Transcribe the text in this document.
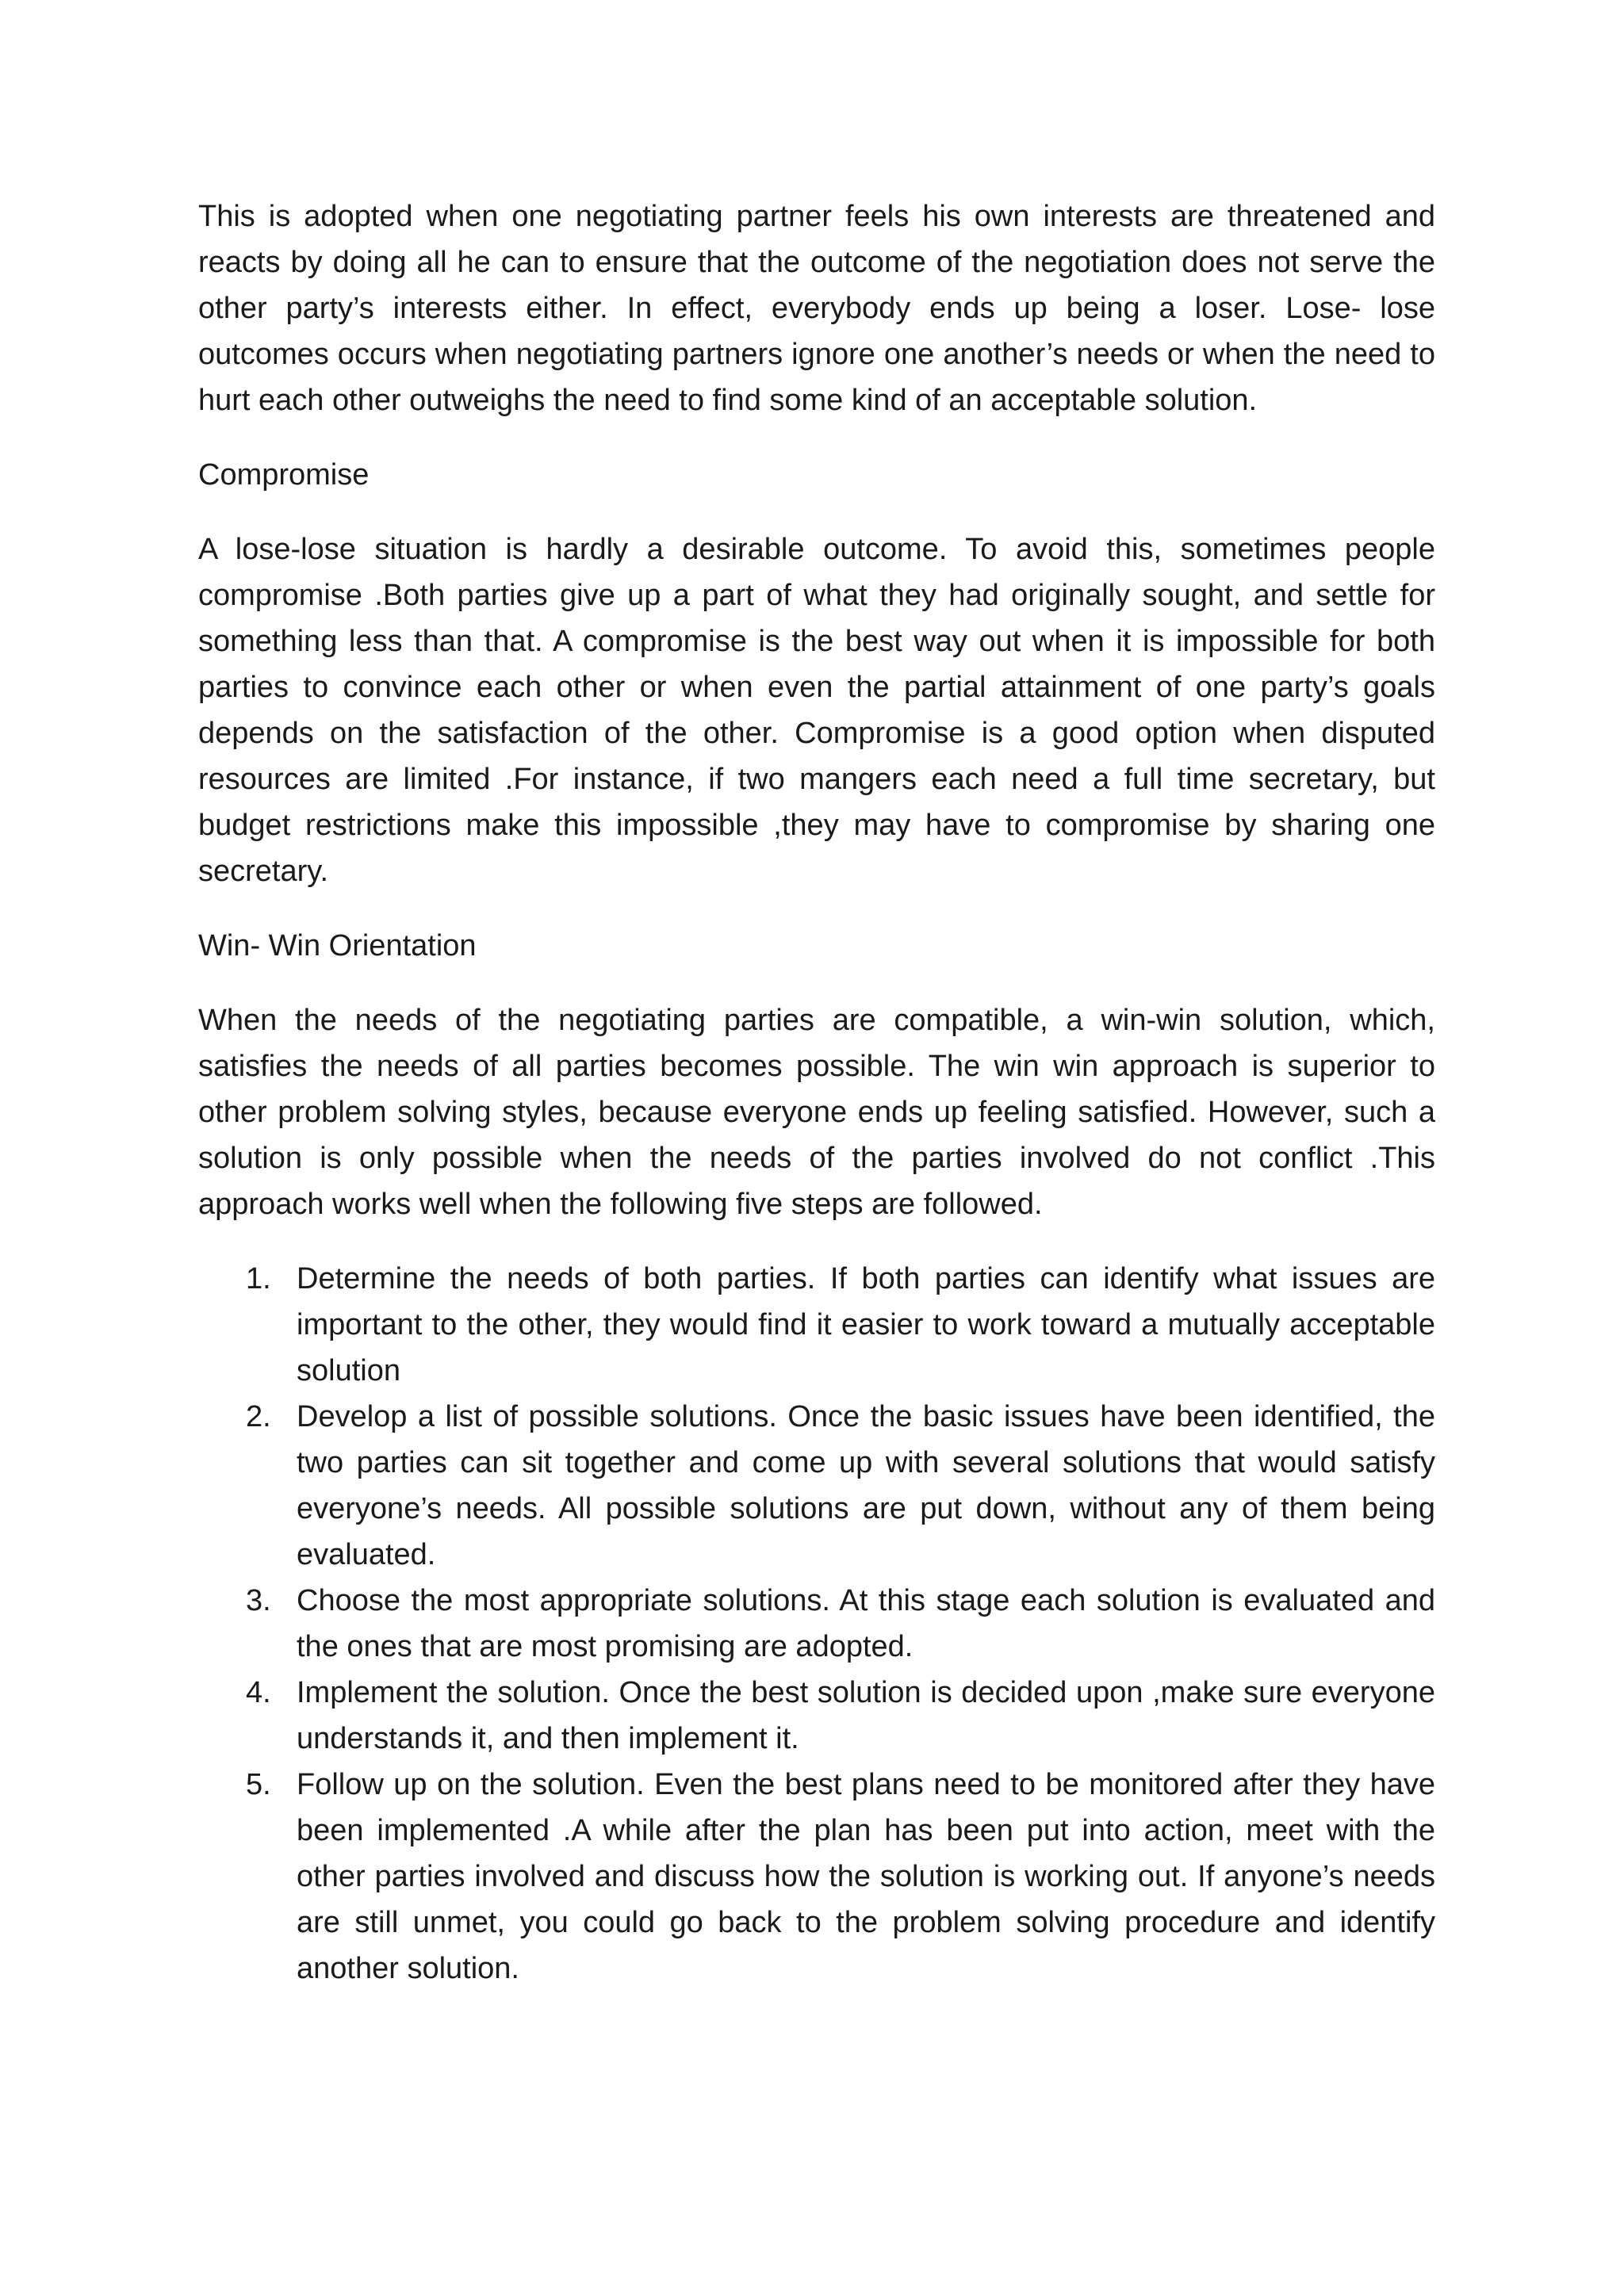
This is adopted when one negotiating partner feels his own interests are threatened and reacts by doing all he can to ensure that the outcome of the negotiation does not serve the other party’s interests either. In effect, everybody ends up being a loser. Lose- lose outcomes occurs when negotiating partners ignore one another’s needs or when the need to hurt each other outweighs the need to find some kind of an acceptable solution.

Compromise

A lose-lose situation is hardly a desirable outcome. To avoid this, sometimes people compromise .Both parties give up a part of what they had originally sought, and settle for something less than that. A compromise is the best way out when it is impossible for both parties to convince each other or when even the partial attainment of one party’s goals depends on the satisfaction of the other. Compromise is a good option when disputed resources are limited .For instance, if two mangers each need a full time secretary, but budget restrictions make this impossible ,they may have to compromise by sharing one secretary.

Win- Win Orientation

When the needs of the negotiating parties are compatible, a win-win solution, which, satisfies the needs of all parties becomes possible. The win win approach is superior to other problem solving styles, because everyone ends up feeling satisfied. However, such a solution is only possible when the needs of the parties involved do not conflict .This approach works well when the following five steps are followed.

1. Determine the needs of both parties. If both parties can identify what issues are important to the other, they would find it easier to work toward a mutually acceptable solution
2. Develop a list of possible solutions. Once the basic issues have been identified, the two parties can sit together and come up with several solutions that would satisfy everyone’s needs. All possible solutions are put down, without any of them being evaluated.
3. Choose the most appropriate solutions. At this stage each solution is evaluated and the ones that are most promising are adopted.
4. Implement the solution. Once the best solution is decided upon ,make sure everyone understands it, and then implement it.
5. Follow up on the solution. Even the best plans need to be monitored after they have been implemented .A while after the plan has been put into action, meet with the other parties involved and discuss how the solution is working out. If anyone’s needs are still unmet, you could go back to the problem solving procedure and identify another solution.
